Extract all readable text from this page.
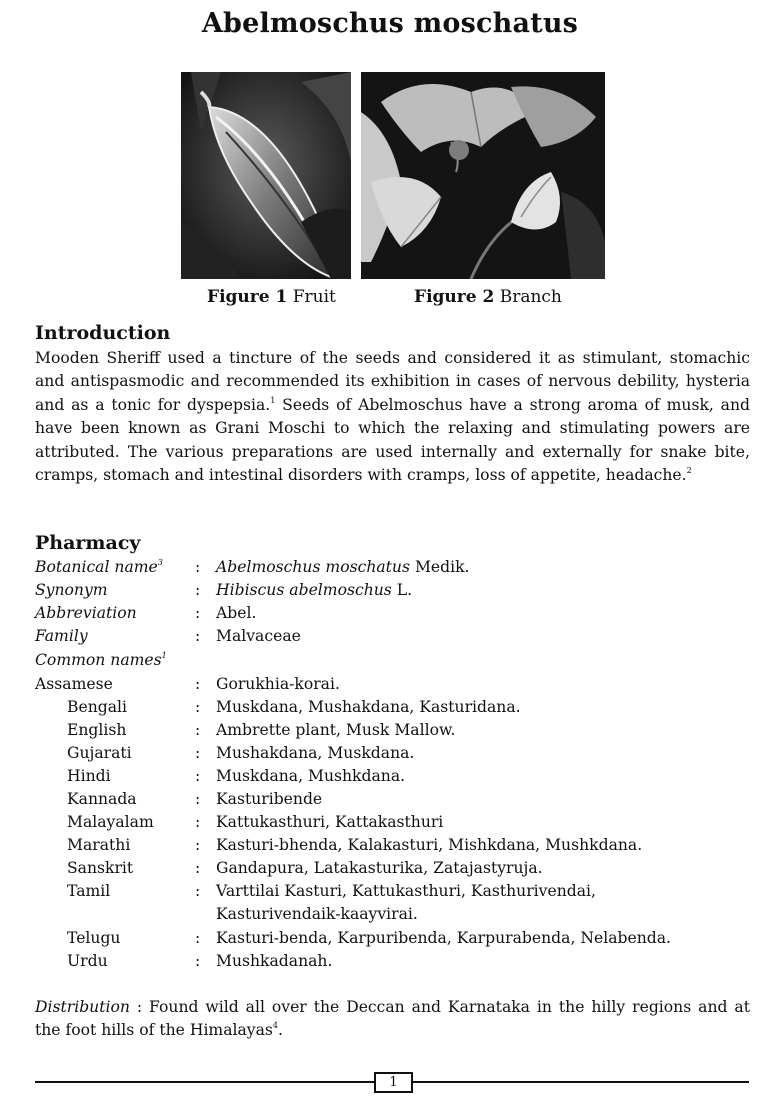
Abelmoschus moschatus
Figure 1 Fruit	Figure 2 Branch
Introduction
Mooden Sheriff used a tincture of the seeds and considered it as stimulant, stomachic and antispasmodic and recommended its exhibition in cases of nervous debility, hysteria and as a tonic for dyspepsia.$^1$ Seeds of Abelmoschus have a strong aroma of musk, and have been known as Grani Moschi to which the relaxing and stimulating powers are attributed. The various preparations are used internally and externally for snake bite, cramps, stomach and intestinal disorders with cramps, loss of appetite, headache.$^2$
Pharmacy
Botanical name$^3$ : Abelmoschus moschatus Medik.
Synonym	: Hibiscus abelmoschus L.
Abbreviation	: Abel.
Family	: Malvaceae
Common names$^1$
Assamese	: Gorukhia-korai.
Bengali	: Muskdana, Mushakdana, Kasturidana.
English	: Ambrette plant, Musk Mallow.
Gujarati	: Mushakdana, Muskdana.
Hindi	: Muskdana, Mushkdana.
Kannada	: Kasturibende
Malayalam	: Kattukasthuri, Kattakasthuri
Marathi	: Kasturi-bhenda, Kalakasturi, Mishkdana, Mushkdana.
Sanskrit	: Gandapura, Latakasturika, Zatajastyruja.
Tamil	: Varttilai Kasturi, Kattukasthuri, Kasthurivendai,
Kasturivendaik-kaayvirai.
Telugu	: Kasturi-benda, Karpuribenda, Karpurabenda, Nelabenda.
Urdu	: Mushkadanah.
Distribution : Found wild all over the Deccan and Karnataka in the hilly regions and at the foot hills of the Himalayas$^4$.
1
